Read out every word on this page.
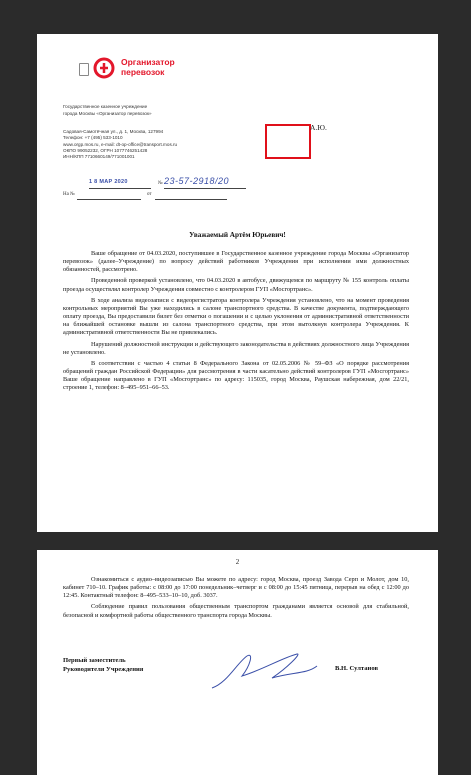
Организатор
перевозок
Государственное казенное учреждение
города Москвы «Организатор перевозок»
Садовая-Самотёчная ул., д. 1, Москва, 127994
Телефон: +7 (495) 533-1010
www.orgp.mos.ru, e-mail: dt-op-office@transport.mos.ru
ОКПО 99052232, ОГРН 1077746251428
ИНН/КПП 7710660149/771001001
А.Ю.
1 8 МАР 2020	№ 23-57-2918/20
На №	от
Уважаемый Артём Юрьевич!

Ваше обращение от 04.03.2020, поступившее в Государственное казенное учреждение города Москвы «Организатор перевозок» (далее–Учреждение) по вопросу действий работников Учреждения при исполнении ими должностных обязанностей, рассмотрено.

Проведенной проверкой установлено, что 04.03.2020 в автобусе, движущемся по маршруту № 155 контроль оплаты проезда осуществлял контролер Учреждения совместно с контролером ГУП «Мосгортранс».

В ходе анализа видеозаписи с видеорегистратора контролера Учреждения установлено, что на момент проведения контрольных мероприятий Вы уже находились в салоне транспортного средства. В качестве документа, подтверждающего оплату проезда, Вы предоставили билет без отметки о погашении и с целью уклонения от административной ответственности на ближайшей остановке вышли из салона транспортного средства, при этом вытолкнув контролера Учреждения. К административной ответственности Вы не привлекались.

Нарушений должностной инструкции и действующего законодательства в действиях должностного лица Учреждения не установлено.

В соответствии с частью 4 статьи 8 Федерального Закона от 02.05.2006 № 59–ФЗ «О порядке рассмотрения обращений граждан Российской Федерации» для рассмотрения в части касательно действий контролеров ГУП «Мосгортранс» Ваше обращение направлено в ГУП «Мосгортранс» по адресу: 115035, город Москва, Раушская набережная, дом 22/21, строение 1, телефон: 8–495–951–66–53.

2

Ознакомиться с аудио–видеозаписью Вы можете по адресу: город Москва, проезд Завода Серп и Молот, дом 10, кабинет 710–10. График работы: с 08:00 до 17:00 понедельник–четверг и с 08:00 до 15:45 пятница, перерыв на обед с 12:00 до 12:45. Контактный телефон: 8–495–533–10–10, доб. 3037.

Соблюдение правил пользования общественным транспортом гражданами является основой для стабильной, безопасной и комфортной работы общественного транспорта города Москвы.

Первый заместитель
Руководителя Учреждения	В.Н. Султанов
